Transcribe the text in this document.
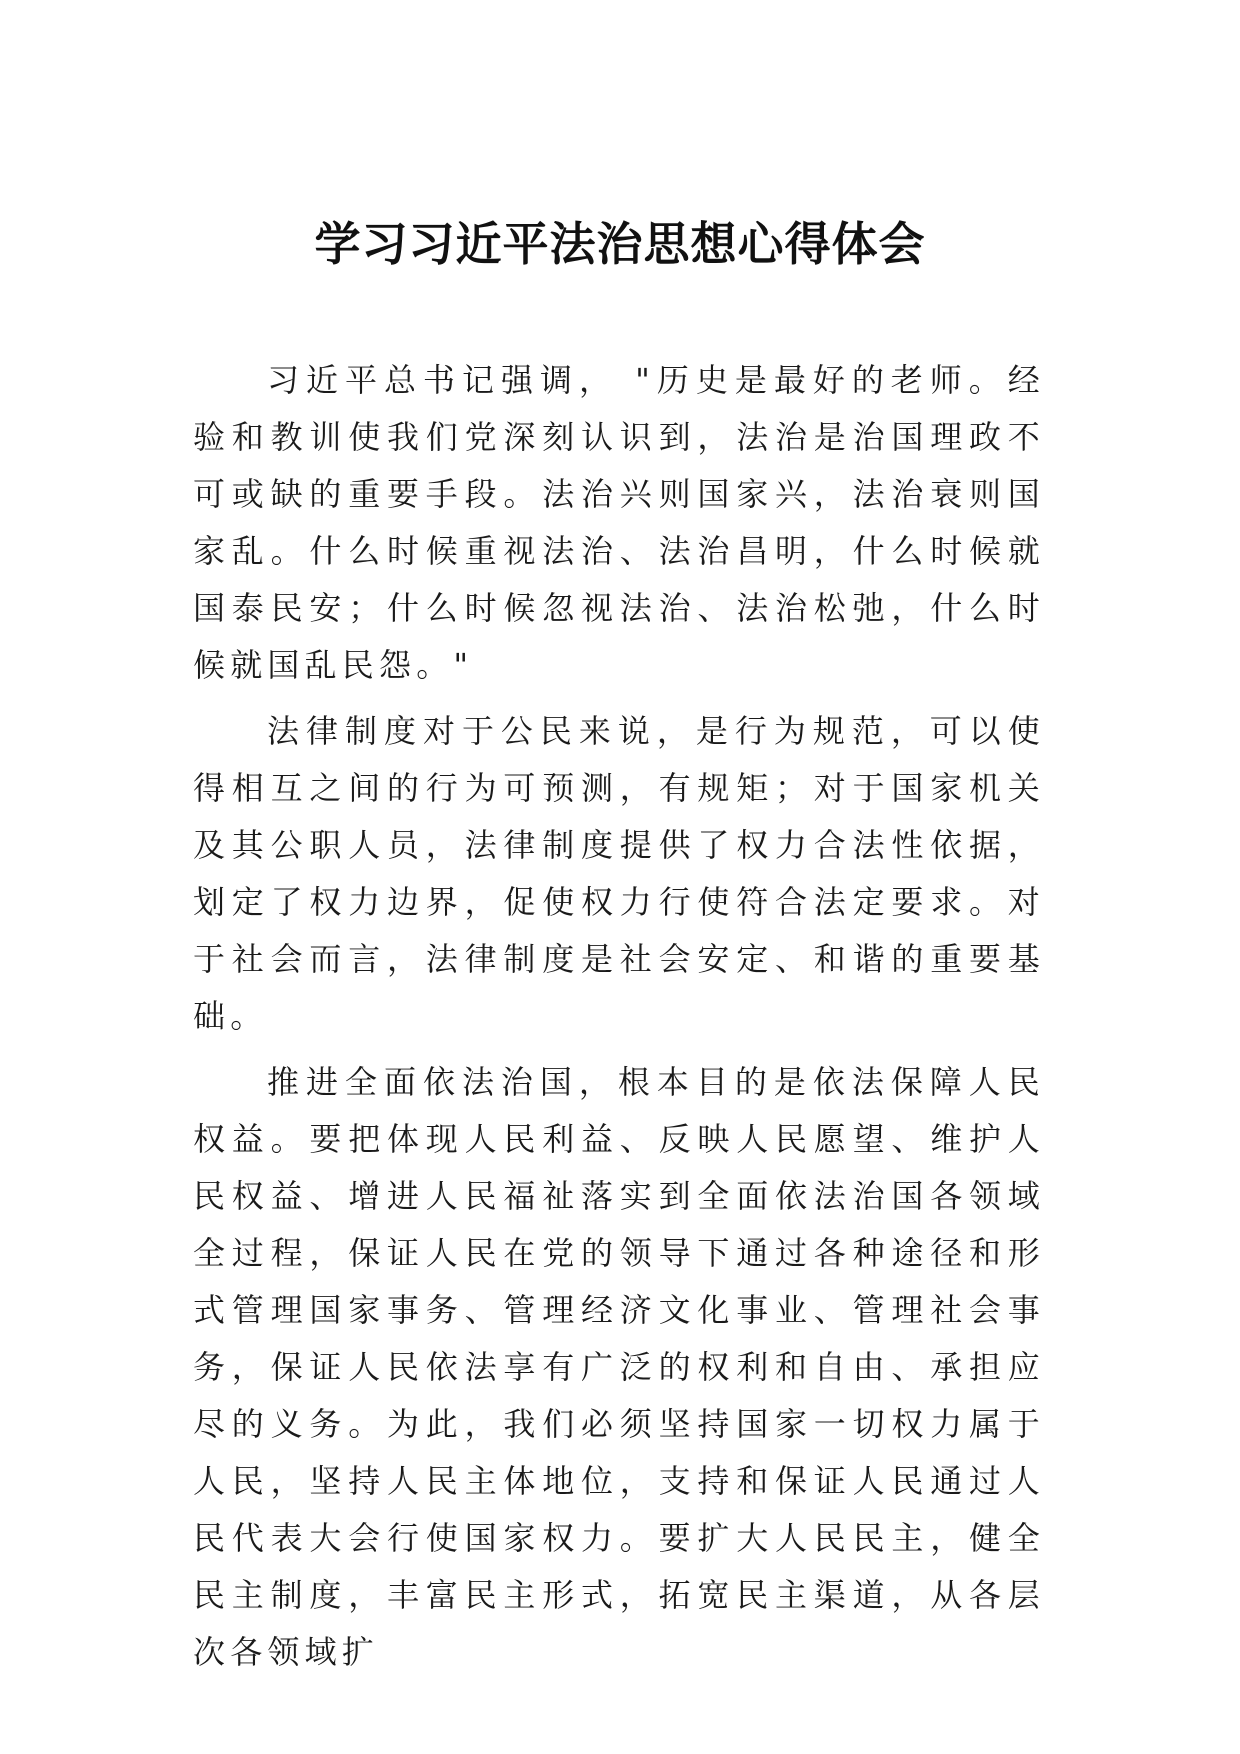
学习习近平法治思想心得体会

习近平总书记强调， "历史是最好的老师。经验和教训使我们党深刻认识到，法治是治国理政不可或缺的重要手段。法治兴则国家兴，法治衰则国家乱。什么时候重视法治、法治昌明，什么时候就国泰民安；什么时候忽视法治、法治松弛，什么时候就国乱民怨。"

法律制度对于公民来说，是行为规范，可以使得相互之间的行为可预测，有规矩；对于国家机关及其公职人员，法律制度提供了权力合法性依据，划定了权力边界，促使权力行使符合法定要求。对于社会而言，法律制度是社会安定、和谐的重要基础。

推进全面依法治国，根本目的是依法保障人民权益。要把体现人民利益、反映人民愿望、维护人民权益、增进人民福祉落实到全面依法治国各领域全过程，保证人民在党的领导下通过各种途径和形式管理国家事务、管理经济文化事业、管理社会事务，保证人民依法享有广泛的权利和自由、承担应尽的义务。为此，我们必须坚持国家一切权力属于人民，坚持人民主体地位，支持和保证人民通过人民代表大会行使国家权力。要扩大人民民主，健全民主制度，丰富民主形式，拓宽民主渠道，从各层次各领域扩
